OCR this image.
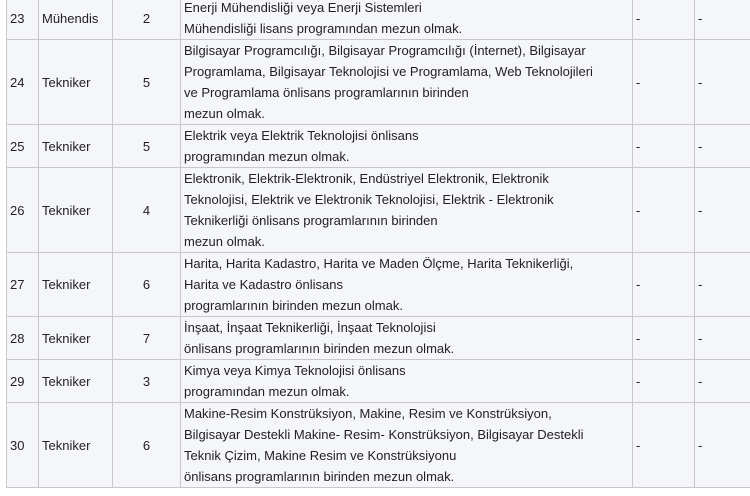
23	Mühendis	2	Enerji Mühendisliği veya Enerji Sistemleri
Mühendisliği lisans programından mezun olmak.	-	-
24	Tekniker	5	Bilgisayar Programcılığı, Bilgisayar Programcılığı (İnternet), Bilgisayar
Programlama, Bilgisayar Teknolojisi ve Programlama, Web Teknolojileri
ve Programlama önlisans programlarının birinden
mezun olmak.	-	-
25	Tekniker	5	Elektrik veya Elektrik Teknolojisi önlisans
programından mezun olmak.	-	-
26	Tekniker	4	Elektronik, Elektrik-Elektronik, Endüstriyel Elektronik, Elektronik
Teknolojisi, Elektrik ve Elektronik Teknolojisi, Elektrik - Elektronik
Teknikerliği önlisans programlarının birinden
mezun olmak.	-	-
27	Tekniker	6	Harita, Harita Kadastro, Harita ve Maden Ölçme, Harita Teknikerliği,
Harita ve Kadastro önlisans
programlarının birinden mezun olmak.	-	-
28	Tekniker	7	İnşaat, İnşaat Teknikerliği, İnşaat Teknolojisi
önlisans programlarının birinden mezun olmak.	-	-
29	Tekniker	3	Kimya veya Kimya Teknolojisi önlisans
programından mezun olmak.	-	-
30	Tekniker	6	Makine-Resim Konstrüksiyon, Makine, Resim ve Konstrüksiyon,
Bilgisayar Destekli Makine- Resim- Konstrüksiyon, Bilgisayar Destekli
Teknik Çizim, Makine Resim ve Konstrüksiyonu
önlisans programlarının birinden mezun olmak.	-	-
